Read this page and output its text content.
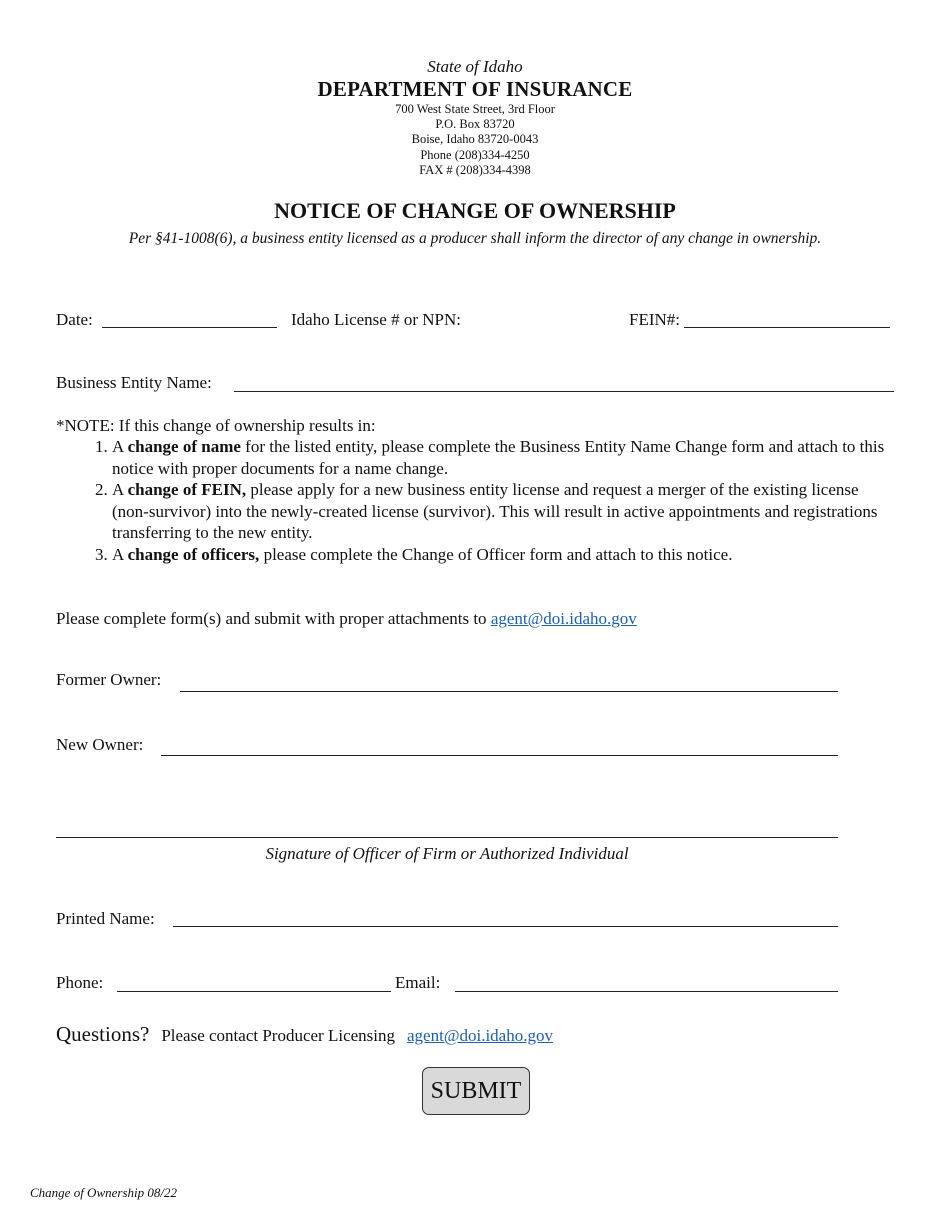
State of Idaho
DEPARTMENT OF INSURANCE
700 West State Street, 3rd Floor
P.O. Box 83720
Boise, Idaho 83720-0043
Phone (208)334-4250
FAX # (208)334-4398
NOTICE OF CHANGE OF OWNERSHIP
Per §41-1008(6), a business entity licensed as a producer shall inform the director of any change in ownership.
Date:	Idaho License # or NPN:	FEIN#:
Business Entity Name:
*NOTE: If this change of ownership results in:
1. A change of name for the listed entity, please complete the Business Entity Name Change form and attach to this notice with proper documents for a name change.
2. A change of FEIN, please apply for a new business entity license and request a merger of the existing license (non-survivor) into the newly-created license (survivor). This will result in active appointments and registrations transferring to the new entity.
3. A change of officers, please complete the Change of Officer form and attach to this notice.
Please complete form(s) and submit with proper attachments to agent@doi.idaho.gov
Former Owner:
New Owner:
Signature of Officer of Firm or Authorized Individual
Printed Name:
Phone:	Email:
Questions? Please contact Producer Licensing agent@doi.idaho.gov
SUBMIT
Change of Ownership 08/22
